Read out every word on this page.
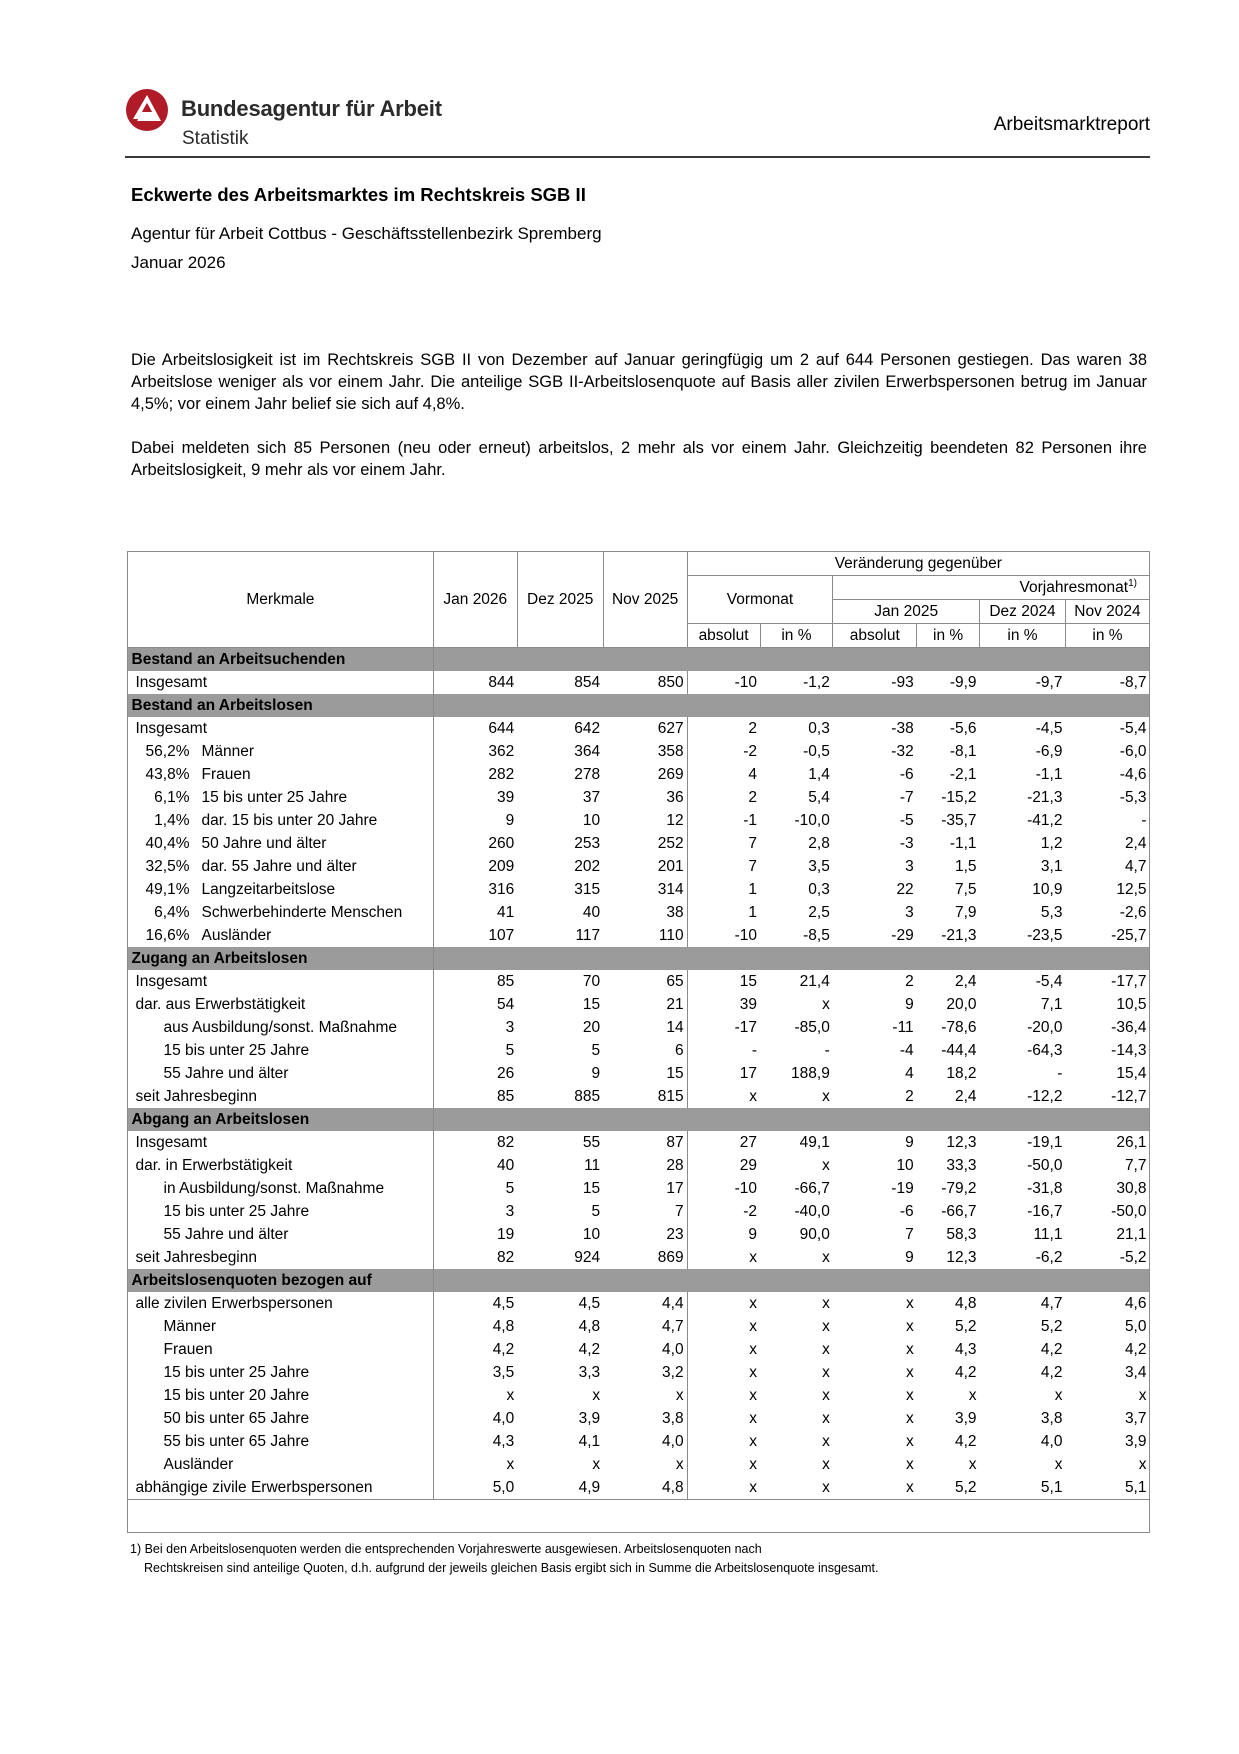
Bundesagentur für Arbeit
Statistik
Arbeitsmarktreport
Eckwerte des Arbeitsmarktes im Rechtskreis SGB II
Agentur für Arbeit Cottbus - Geschäftsstellenbezirk Spremberg
Januar 2026
Die Arbeitslosigkeit ist im Rechtskreis SGB II von Dezember auf Januar geringfügig um 2 auf 644 Personen gestiegen. Das waren 38 Arbeitslose weniger als vor einem Jahr. Die anteilige SGB II-Arbeitslosenquote auf Basis aller zivilen Erwerbspersonen betrug im Januar 4,5%; vor einem Jahr belief sie sich auf 4,8%.
Dabei meldeten sich 85 Personen (neu oder erneut) arbeitslos, 2 mehr als vor einem Jahr. Gleichzeitig beendeten 82 Personen ihre Arbeitslosigkeit, 9 mehr als vor einem Jahr.
Merkmale	Jan 2026	Dez 2025	Nov 2025	Veränderung gegenüber					
				Vormonat		Vorjahresmonat$^{1)}$
						Jan 2025		Dez 2024	Nov 2024
				absolut	in %	absolut	in %	in %	in %
Bestand an Arbeitsuchenden									
Insgesamt	844	854	850	-10	-1,2	-93	-9,9	-9,7	-8,7
Bestand an Arbeitslosen									
Insgesamt	644	642	627	2	0,3	-38	-5,6	-4,5	-5,4
56,2% Männer	362	364	358	-2	-0,5	-32	-8,1	-6,9	-6,0
43,8% Frauen	282	278	269	4	1,4	-6	-2,1	-1,1	-4,6
6,1% 15 bis unter 25 Jahre	39	37	36	2	5,4	-7	-15,2	-21,3	-5,3
1,4% dar. 15 bis unter 20 Jahre	9	10	12	-1	-10,0	-5	-35,7	-41,2	-
40,4% 50 Jahre und älter	260	253	252	7	2,8	-3	-1,1	1,2	2,4
32,5% dar. 55 Jahre und älter	209	202	201	7	3,5	3	1,5	3,1	4,7
49,1% Langzeitarbeitslose	316	315	314	1	0,3	22	7,5	10,9	12,5
6,4% Schwerbehinderte Menschen	41	40	38	1	2,5	3	7,9	5,3	-2,6
16,6% Ausländer	107	117	110	-10	-8,5	-29	-21,3	-23,5	-25,7
Zugang an Arbeitslosen									
Insgesamt	85	70	65	15	21,4	2	2,4	-5,4	-17,7
dar. aus Erwerbstätigkeit	54	15	21	39	x	9	20,0	7,1	10,5
aus Ausbildung/sonst. Maßnahme	3	20	14	-17	-85,0	-11	-78,6	-20,0	-36,4
15 bis unter 25 Jahre	5	5	6	-	-	-4	-44,4	-64,3	-14,3
55 Jahre und älter	26	9	15	17	188,9	4	18,2	-	15,4
seit Jahresbeginn	85	885	815	x	x	2	2,4	-12,2	-12,7
Abgang an Arbeitslosen									
Insgesamt	82	55	87	27	49,1	9	12,3	-19,1	26,1
dar. in Erwerbstätigkeit	40	11	28	29	x	10	33,3	-50,0	7,7
in Ausbildung/sonst. Maßnahme	5	15	17	-10	-66,7	-19	-79,2	-31,8	30,8
15 bis unter 25 Jahre	3	5	7	-2	-40,0	-6	-66,7	-16,7	-50,0
55 Jahre und älter	19	10	23	9	90,0	7	58,3	11,1	21,1
seit Jahresbeginn	82	924	869	x	x	9	12,3	-6,2	-5,2
Arbeitslosenquoten bezogen auf									
alle zivilen Erwerbspersonen	4,5	4,5	4,4	x	x	x	4,8	4,7	4,6
Männer	4,8	4,8	4,7	x	x	x	5,2	5,2	5,0
Frauen	4,2	4,2	4,0	x	x	x	4,3	4,2	4,2
15 bis unter 25 Jahre	3,5	3,3	3,2	x	x	x	4,2	4,2	3,4
15 bis unter 20 Jahre	x	x	x	x	x	x	x	x	x
50 bis unter 65 Jahre	4,0	3,9	3,8	x	x	x	3,9	3,8	3,7
55 bis unter 65 Jahre	4,3	4,1	4,0	x	x	x	4,2	4,0	3,9
Ausländer	x	x	x	x	x	x	x	x	x
abhängige zivile Erwerbspersonen	5,0	4,9	4,8	x	x	x	5,2	5,1	5,1
1) Bei den Arbeitslosenquoten werden die entsprechenden Vorjahreswerte ausgewiesen. Arbeitslosenquoten nach
Rechtskreisen sind anteilige Quoten, d.h. aufgrund der jeweils gleichen Basis ergibt sich in Summe die Arbeitslosenquote insgesamt.
